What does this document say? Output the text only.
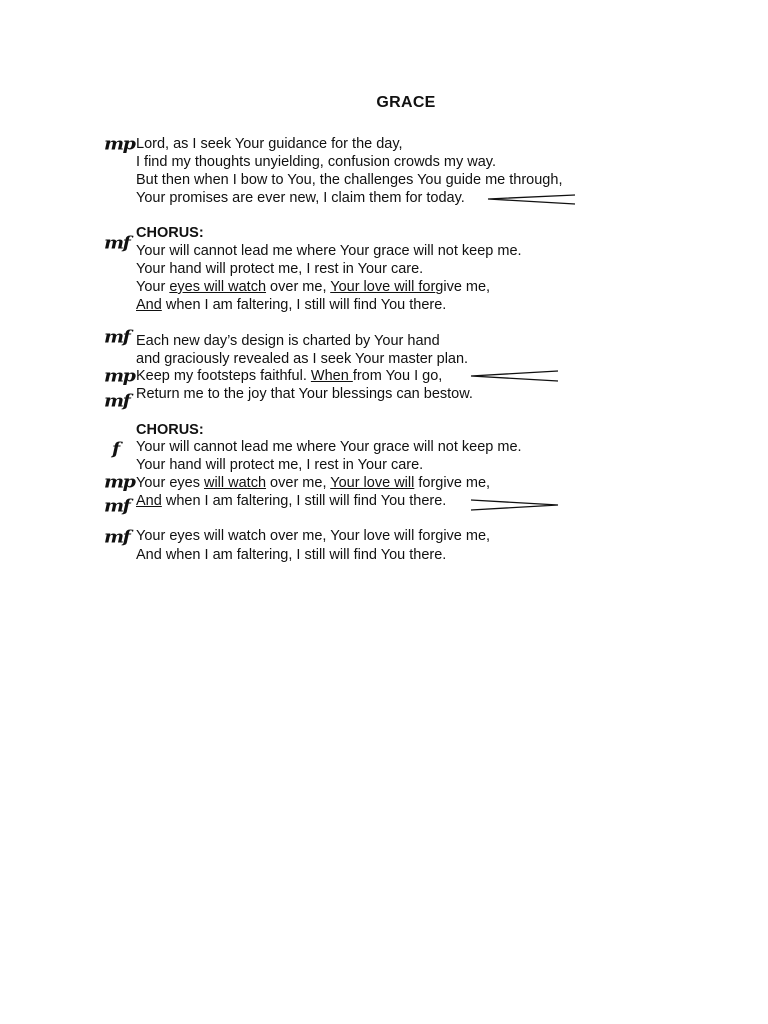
GRACE
Lord, as I seek Your guidance for the day,
I find my thoughts unyielding, confusion crowds my way.
But then when I bow to You, the challenges You guide me through,
Your promises are ever new, I claim them for today.
CHORUS:
Your will cannot lead me where Your grace will not keep me.
Your hand will protect me, I rest in Your care.
Your eyes will watch over me, Your love will forgive me,
And when I am faltering, I still will find You there.
Each new day’s design is charted by Your hand
and graciously revealed as I seek Your master plan.
Keep my footsteps faithful. When from You I go,
Return me to the joy that Your blessings can bestow.
CHORUS:
Your will cannot lead me where Your grace will not keep me.
Your hand will protect me, I rest in Your care.
Your eyes will watch over me, Your love will forgive me,
And when I am faltering, I still will find You there.
Your eyes will watch over me, Your love will forgive me,
And when I am faltering, I still will find You there.
mp
mf
mf
mp
mf
f
mp
mf
mf
